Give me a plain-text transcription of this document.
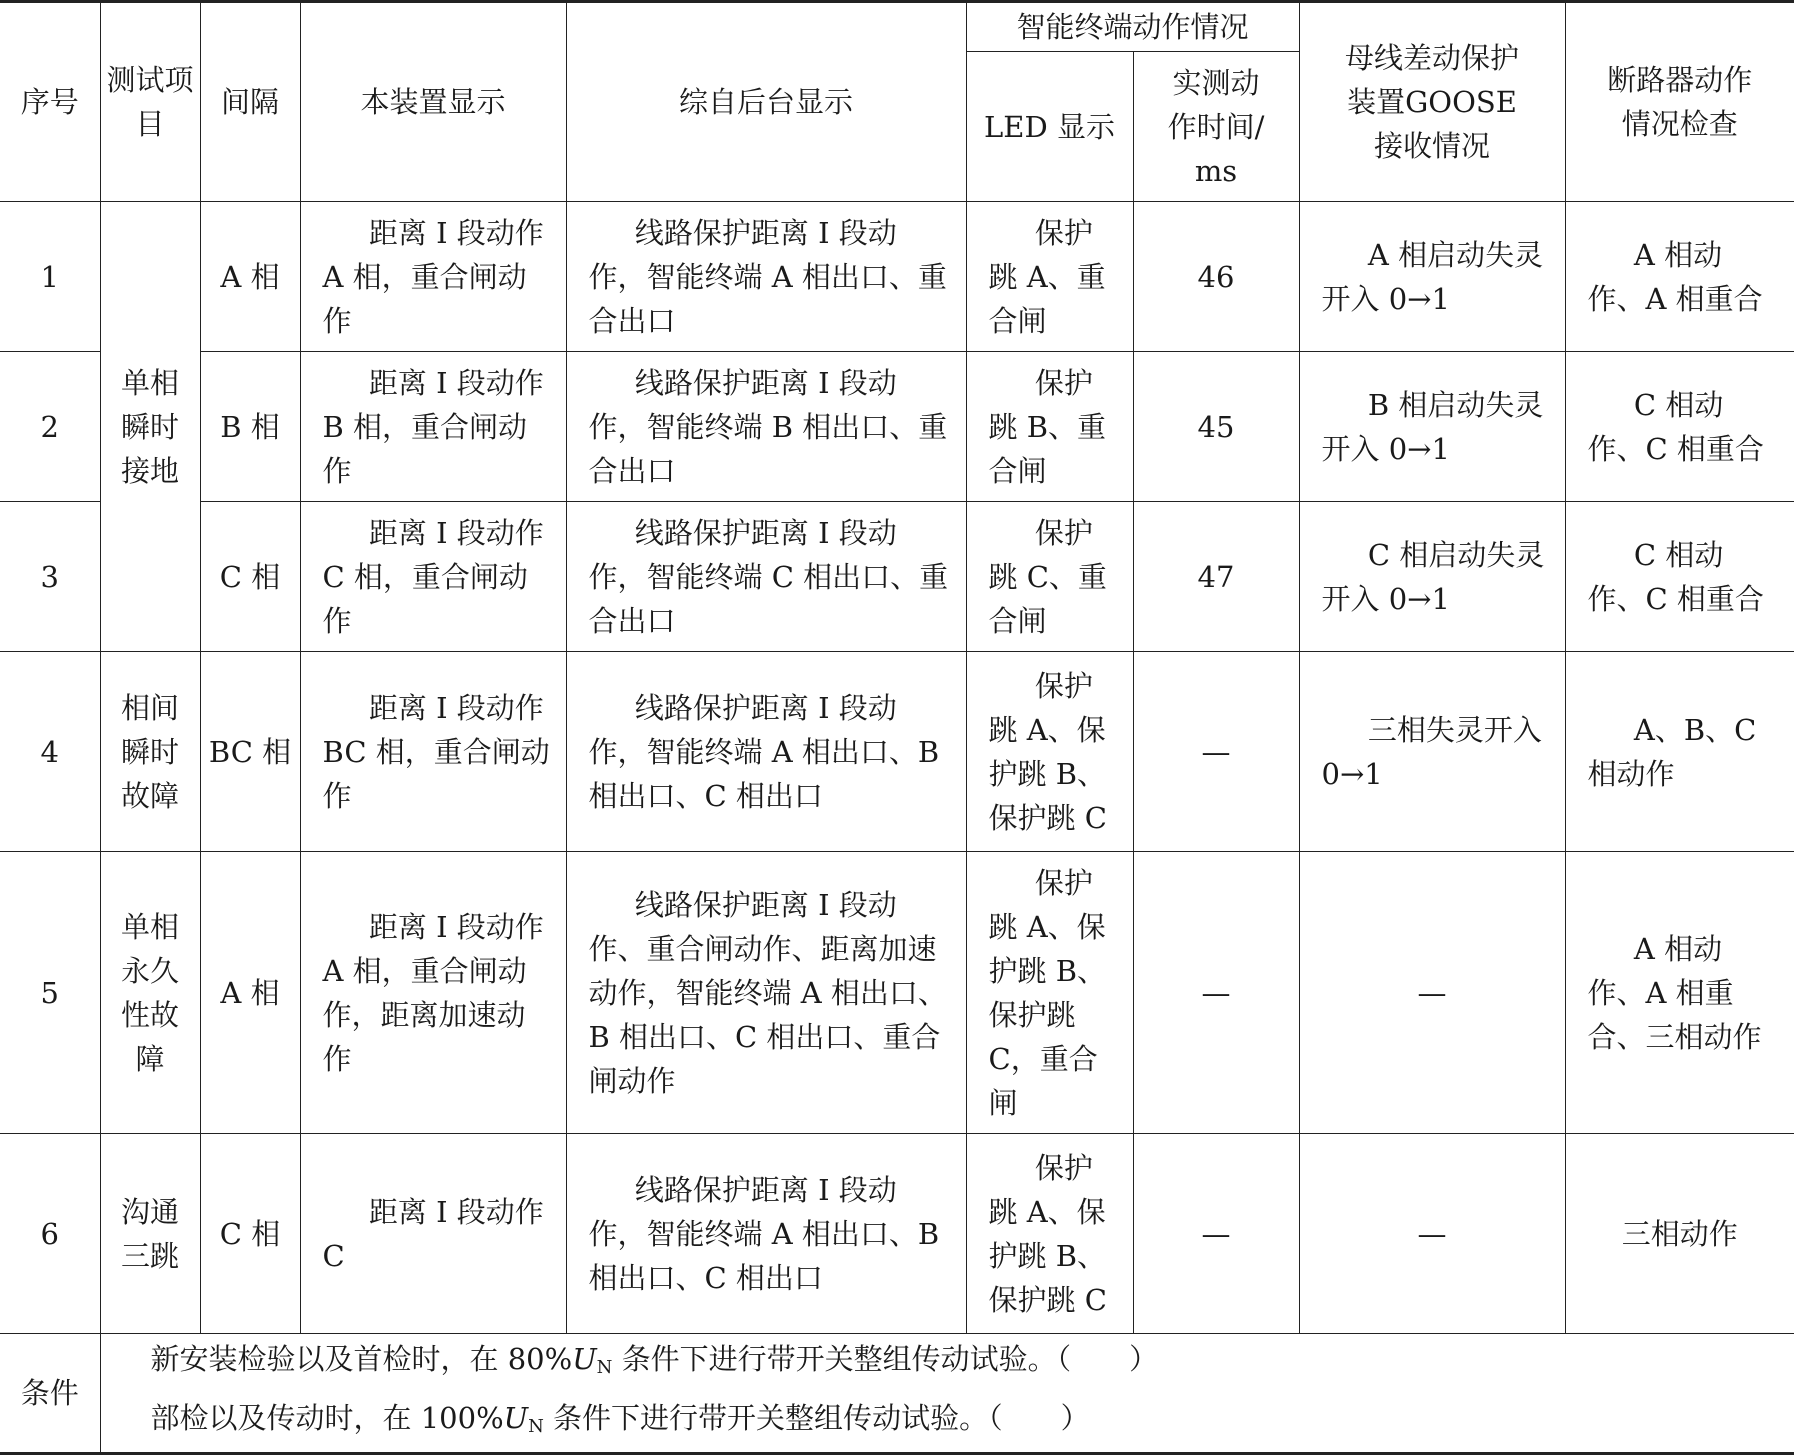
序号	测试项目	间隔	本装置显示	综自后台显示	智能终端动作情况		母线差动保护装置GOOSE 接收情况	断路器动作情况检查
					LED 显示	实测动作时间/ms		
1	单相瞬时接地	A 相	距离 Ⅰ 段动作 A 相，重合闸动作	线路保护距离 Ⅰ 段动作，智能终端 A 相出口、重合出口	保护跳 A、重合闸	46	A 相启动失灵开入 0→1	A 相动作、A 相重合

2		B 相	距离 Ⅰ 段动作 B 相，重合闸动作	线路保护距离 Ⅰ 段动作，智能终端 B 相出口、重合出口	保护跳 B、重合闸	45	B 相启动失灵开入 0→1	C 相动作、C 相重合

3		C 相	距离 Ⅰ 段动作 C 相，重合闸动作	线路保护距离 Ⅰ 段动作，智能终端 C 相出口、重合出口	保护跳 C、重合闸	47	C 相启动失灵开入 0→1	C 相动作、C 相重合

4	相间瞬时故障	BC 相	距离 Ⅰ 段动作 BC 相，重合闸动作	线路保护距离 Ⅰ 段动作，智能终端 A 相出口、B 相出口、C 相出口	保护跳 A、保护跳 B、保护跳 C	—	三相失灵开入 0→1	A、B、C 相动作

5	单相永久性故障	A 相	距离 Ⅰ 段动作 A 相，重合闸动作，距离加速动作	线路保护距离 Ⅰ 段动作、重合闸动作、距离加速动作，智能终端 A 相出口、B 相出口、C 相出口、重合闸动作	保护跳 A、保护跳 B、保护跳 C，重合闸	—	—	A 相动作、A 相重合、三相动作

6	沟通三跳	C 相	距离 Ⅰ 段动作 C	线路保护距离 Ⅰ 段动作，智能终端 A 相出口、B 相出口、C 相出口	保护跳 A、保护跳 B、保护跳 C	—	—	三相动作
条件	新安装检验以及首检时，在 $80\%U_N$ 条件下进行带开关整组传动试验。（　　）
部检以及传动时，在 $100\%U_N$ 条件下进行带开关整组传动试验。（　　）							
